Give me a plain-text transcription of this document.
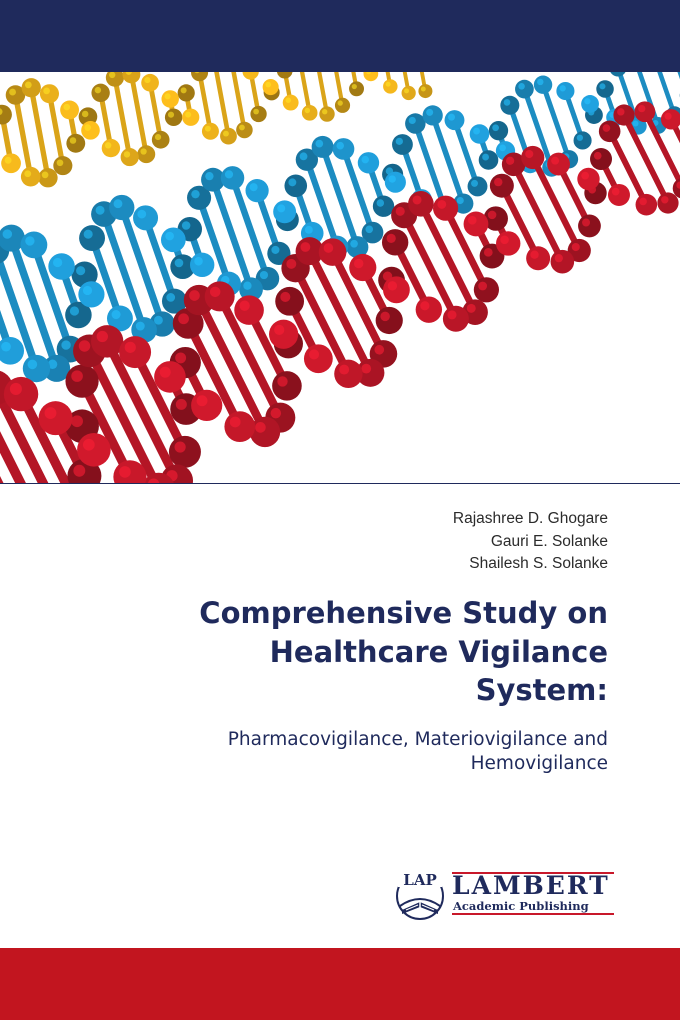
Rajashree D. Ghogare
Gauri E. Solanke
Shailesh S. Solanke
Comprehensive Study on
Healthcare Vigilance
System:
Pharmacovigilance, Materiovigilance and
Hemovigilance
LAP LAMBERT
Academic Publishing
